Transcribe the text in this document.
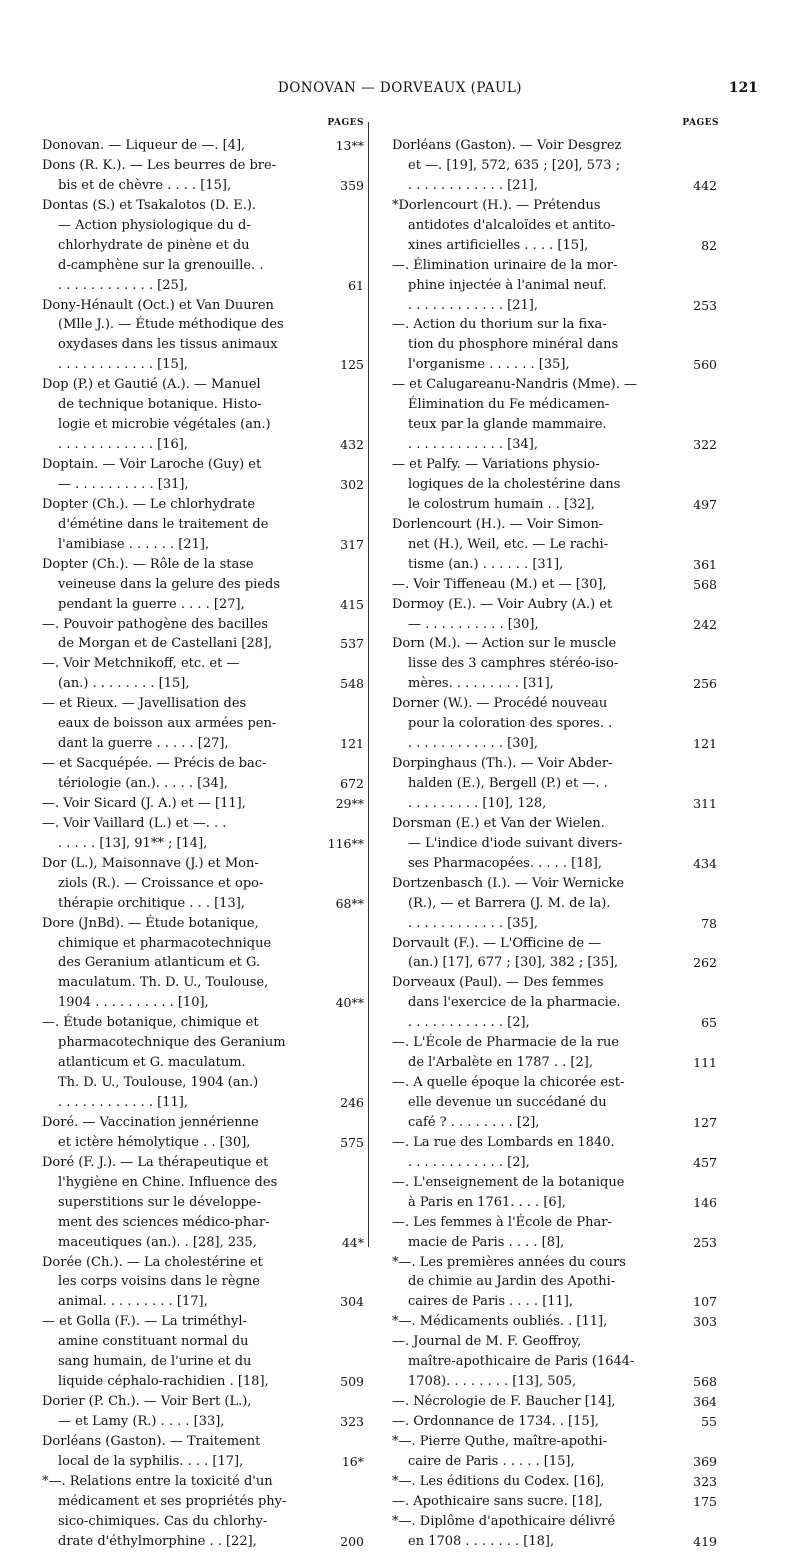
DONOVAN — DORVEAUX (PAUL)	121
PAGES
Donovan. — Liqueur de —. [4],	13**
Dons (R. K.). — Les beurres de bre-
bis et de chèvre . . . . [15],	359
Dontas (S.) et Tsakalotos (D. E.).
— Action physiologique du d-
chlorhydrate de pinène et du
d-camphène sur la grenouille. .
. . . . . . . . . . . . [25],	61
Dony-Hénault (Oct.) et Van Duuren
(Mlle J.). — Étude méthodique des
oxydases dans les tissus animaux
. . . . . . . . . . . . [15],	125
Dop (P.) et Gautié (A.). — Manuel
de technique botanique. Histo-
logie et microbie végétales (an.)
. . . . . . . . . . . . [16],	432
Doptain. — Voir Laroche (Guy) et
— . . . . . . . . . . [31],	302
Dopter (Ch.). — Le chlorhydrate
d'émétine dans le traitement de
l'amibiase . . . . . . [21],	317
Dopter (Ch.). — Rôle de la stase
veineuse dans la gelure des pieds
pendant la guerre . . . . [27],	415
—. Pouvoir pathogène des bacilles
de Morgan et de Castellani [28],	537
—. Voir Metchnikoff, etc. et —
(an.) . . . . . . . . [15],	548
— et Rieux. — Javellisation des
eaux de boisson aux armées pen-
dant la guerre . . . . . [27],	121
— et Sacquépée. — Précis de bac-
tériologie (an.). . . . . [34],	672
—. Voir Sicard (J. A.) et — [11],	29**
—. Voir Vaillard (L.) et —. . .
. . . . . [13], 91** ; [14],	116**
Dor (L.), Maisonnave (J.) et Mon-
ziols (R.). — Croissance et opo-
thérapie orchitique . . . [13],	68**
Dore (JnBd). — Étude botanique,
chimique et pharmacotechnique
des Geranium atlanticum et G.
maculatum. Th. D. U., Toulouse,
1904 . . . . . . . . . . [10],	40**
—. Étude botanique, chimique et
pharmacotechnique des Geranium
atlanticum et G. maculatum.
Th. D. U., Toulouse, 1904 (an.)
. . . . . . . . . . . . [11],	246
Doré. — Vaccination jennérienne
et ictère hémolytique . . [30],	575
Doré (F. J.). — La thérapeutique et
l'hygiène en Chine. Influence des
superstitions sur le développe-
ment des sciences médico-phar-
maceutiques (an.). . [28], 235,	44*
Dorée (Ch.). — La cholestérine et
les corps voisins dans le règne
animal. . . . . . . . . [17],	304
— et Golla (F.). — La triméthyl-
amine constituant normal du
sang humain, de l'urine et du
liquide céphalo-rachidien . [18],	509
Dorier (P. Ch.). — Voir Bert (L.),
— et Lamy (R.) . . . . [33],	323
Dorléans (Gaston). — Traitement
local de la syphilis. . . . [17],	16*
*—. Relations entre la toxicité d'un
médicament et ses propriétés phy-
sico-chimiques. Cas du chlorhy-
drate d'éthylmorphine . . [22],	200
PAGES
Dorléans (Gaston). — Voir Desgrez
et —. [19], 572, 635 ; [20], 573 ;
. . . . . . . . . . . . [21],	442
*Dorlencourt (H.). — Prétendus
antidotes d'alcaloïdes et antito-
xines artificielles . . . . [15],	82
—. Élimination urinaire de la mor-
phine injectée à l'animal neuf.
. . . . . . . . . . . . [21],	253
—. Action du thorium sur la fixa-
tion du phosphore minéral dans
l'organisme . . . . . . [35],	560
— et Calugareanu-Nandris (Mme). —
Élimination du Fe médicamen-
teux par la glande mammaire.
. . . . . . . . . . . . [34],	322
— et Palfy. — Variations physio-
logiques de la cholestérine dans
le colostrum humain . . [32],	497
Dorlencourt (H.). — Voir Simon-
net (H.), Weil, etc. — Le rachi-
tisme (an.) . . . . . . [31],	361
—. Voir Tiffeneau (M.) et — [30],	568
Dormoy (E.). — Voir Aubry (A.) et
— . . . . . . . . . . [30],	242
Dorn (M.). — Action sur le muscle
lisse des 3 camphres stéréo-iso-
mères. . . . . . . . . [31],	256
Dorner (W.). — Procédé nouveau
pour la coloration des spores. .
. . . . . . . . . . . . [30],	121
Dorpinghaus (Th.). — Voir Abder-
halden (E.), Bergell (P.) et —. .
. . . . . . . . . [10], 128,	311
Dorsman (E.) et Van der Wielen.
— L'indice d'iode suivant divers-
ses Pharmacopées. . . . . [18],	434
Dortzenbasch (I.). — Voir Wernicke
(R.), — et Barrera (J. M. de la).
. . . . . . . . . . . . [35],	78
Dorvault (F.). — L'Officine de —
(an.) [17], 677 ; [30], 382 ; [35],	262
Dorveaux (Paul). — Des femmes
dans l'exercice de la pharmacie.
. . . . . . . . . . . . [2],	65
—. L'École de Pharmacie de la rue
de l'Arbalète en 1787 . . [2],	111
—. A quelle époque la chicorée est-
elle devenue un succédané du
café ? . . . . . . . . [2],	127
—. La rue des Lombards en 1840.
. . . . . . . . . . . . [2],	457
—. L'enseignement de la botanique
à Paris en 1761. . . . [6],	146
—. Les femmes à l'École de Phar-
macie de Paris . . . . [8],	253
*—. Les premières années du cours
de chimie au Jardin des Apothi-
caires de Paris . . . . [11],	107
*—. Médicaments oubliés. . [11],	303
—. Journal de M. F. Geoffroy,
maître-apothicaire de Paris (1644-
1708). . . . . . . . [13], 505,	568
—. Nécrologie de F. Baucher [14],	364
—. Ordonnance de 1734. . [15],	55
*—. Pierre Quthe, maître-apothi-
caire de Paris . . . . . [15],	369
*—. Les éditions du Codex. [16],	323
—. Apothicaire sans sucre. [18],	175
*—. Diplôme d'apothicaire délivré
en 1708 . . . . . . . [18],	419
